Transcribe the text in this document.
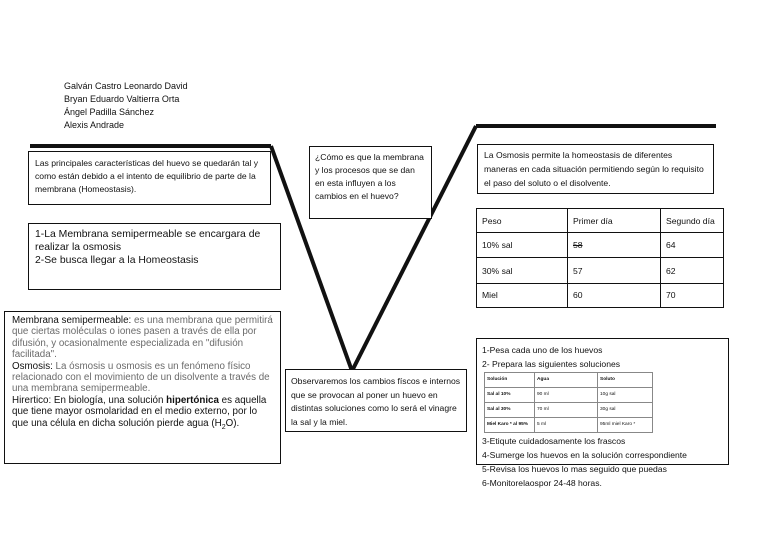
Galván Castro Leonardo David
Bryan Eduardo Valtierra Orta
Ángel Padilla Sánchez
Alexis Andrade
Las principales características del huevo se quedarán tal y como están debido a el intento de equilibrio de parte de la membrana (Homeostasis).
1-La Membrana semipermeable se encargara de realizar la osmosis
2-Se busca llegar a la Homeostasis
Membrana semipermeable: es una membrana que permitirá que ciertas moléculas o iones pasen a través de ella por difusión, y ocasionalmente especializada en "difusión facilitada".
Osmosis: La ósmosis u osmosis es un fenómeno físico relacionado con el movimiento de un disolvente a través de una membrana semipermeable.
Hirertico: En biología, una solución hipertónica es aquella que tiene mayor osmolaridad en el medio externo, por lo que una célula en dicha solución pierde agua $(H_2O)$.
¿Cómo es que la membrana y los procesos que se dan en esta influyen a los cambios en el huevo?
Observaremos los cambios físcos e internos que se provocan al poner un huevo en distintas soluciones como lo será el vinagre la sal y la miel.
La Osmosis permite la homeostasis de diferentes maneras en cada situación permitiendo según lo requisito el paso del soluto o el disolvente.
Peso	Primer día	Segundo día
10% sal	58	64
30% sal	57	62
Miel	60	70
1-Pesa cada uno de los huevos
2- Prepara las siguientes soluciones
Solución	Agua	Soluto
Sal al 10%	90 ml	10g sal
Sal al 30%	70 ml	30g sal
Miel Karo * al 95%	5 ml	95ml miel Karo *
3-Etiqute cuidadosamente los frascos
4-Sumerge los huevos en la solución correspondiente
5-Revisa los huevos lo mas seguido que puedas
6-Monitorelaospor 24-48 horas.
